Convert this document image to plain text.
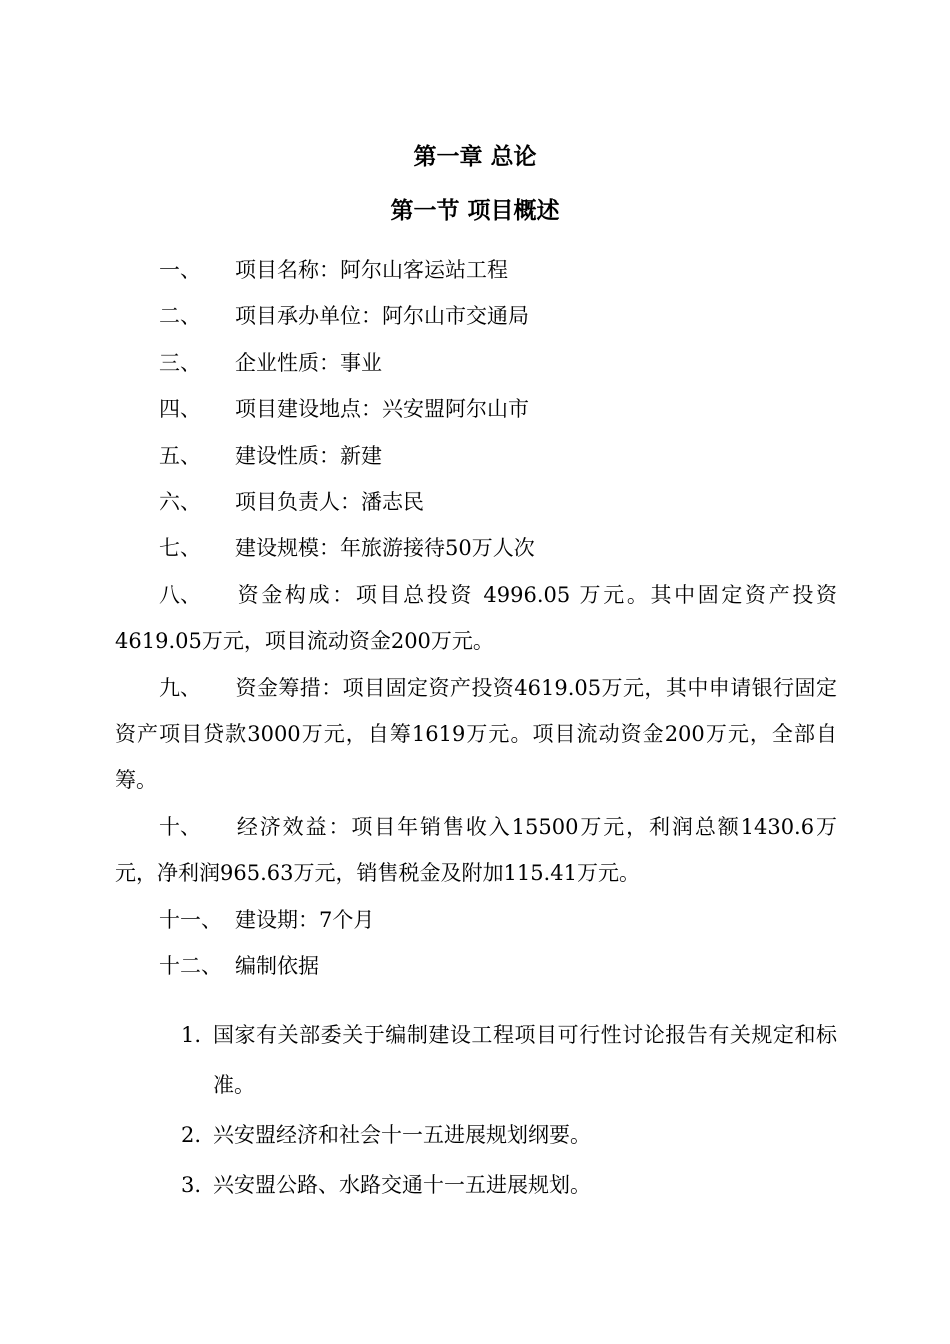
第一章 总论
第一节 项目概述
一、 项目名称：阿尔山客运站工程
二、 项目承办单位：阿尔山市交通局
三、 企业性质：事业
四、 项目建设地点：兴安盟阿尔山市
五、 建设性质：新建
六、 项目负责人：潘志民
七、 建设规模：年旅游接待50万人次
八、 资金构成：项目总投资 4996.05 万元。其中固定资产投资4619.05万元，项目流动资金200万元。
九、 资金筹措：项目固定资产投资4619.05万元，其中申请银行固定资产项目贷款3000万元，自筹1619万元。项目流动资金200万元，全部自筹。
十、 经济效益：项目年销售收入15500万元，利润总额1430.6万元，净利润965.63万元，销售税金及附加115.41万元。
十一、 建设期：7个月
十二、 编制依据
1. 国家有关部委关于编制建设工程项目可行性讨论报告有关规定和标准。
2. 兴安盟经济和社会十一五进展规划纲要。
3. 兴安盟公路、水路交通十一五进展规划。
